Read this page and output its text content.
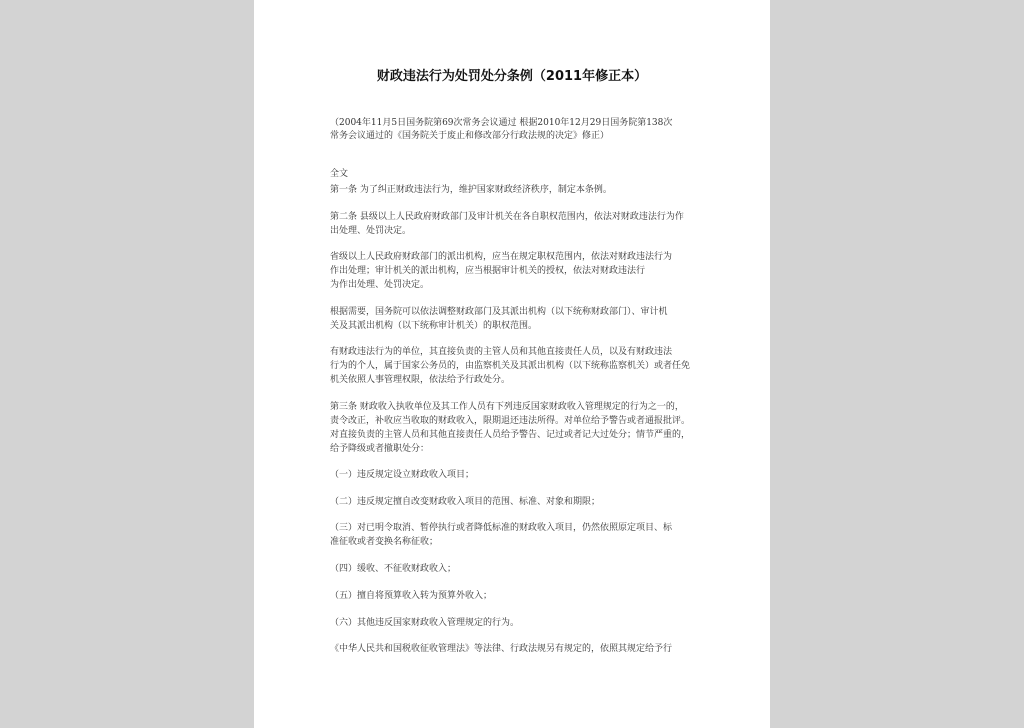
财政违法行为处罚处分条例（2011年修正本）
（2004年11月5日国务院第69次常务会议通过 根据2010年12月29日国务院第138次
常务会议通过的《国务院关于废止和修改部分行政法规的决定》修正）
全文
第一条 为了纠正财政违法行为，维护国家财政经济秩序，制定本条例。
第二条 县级以上人民政府财政部门及审计机关在各自职权范围内，依法对财政违法行为作
出处理、处罚决定。
省级以上人民政府财政部门的派出机构，应当在规定职权范围内，依法对财政违法行为
作出处理；审计机关的派出机构，应当根据审计机关的授权，依法对财政违法行
为作出处理、处罚决定。
根据需要，国务院可以依法调整财政部门及其派出机构（以下统称财政部门）、审计机
关及其派出机构（以下统称审计机关）的职权范围。
有财政违法行为的单位，其直接负责的主管人员和其他直接责任人员，以及有财政违法
行为的个人，属于国家公务员的，由监察机关及其派出机构（以下统称监察机关）或者任免
机关依照人事管理权限，依法给予行政处分。
第三条 财政收入执收单位及其工作人员有下列违反国家财政收入管理规定的行为之一的，
责令改正，补收应当收取的财政收入，限期退还违法所得。对单位给予警告或者通报批评。
对直接负责的主管人员和其他直接责任人员给予警告、记过或者记大过处分；情节严重的，
给予降级或者撤职处分：
（一）违反规定设立财政收入项目；
（二）违反规定擅自改变财政收入项目的范围、标准、对象和期限；
（三）对已明令取消、暂停执行或者降低标准的财政收入项目，仍然依照原定项目、标
准征收或者变换名称征收；
（四）缓收、不征收财政收入；
（五）擅自将预算收入转为预算外收入；
（六）其他违反国家财政收入管理规定的行为。
《中华人民共和国税收征收管理法》等法律、行政法规另有规定的，依照其规定给予行
